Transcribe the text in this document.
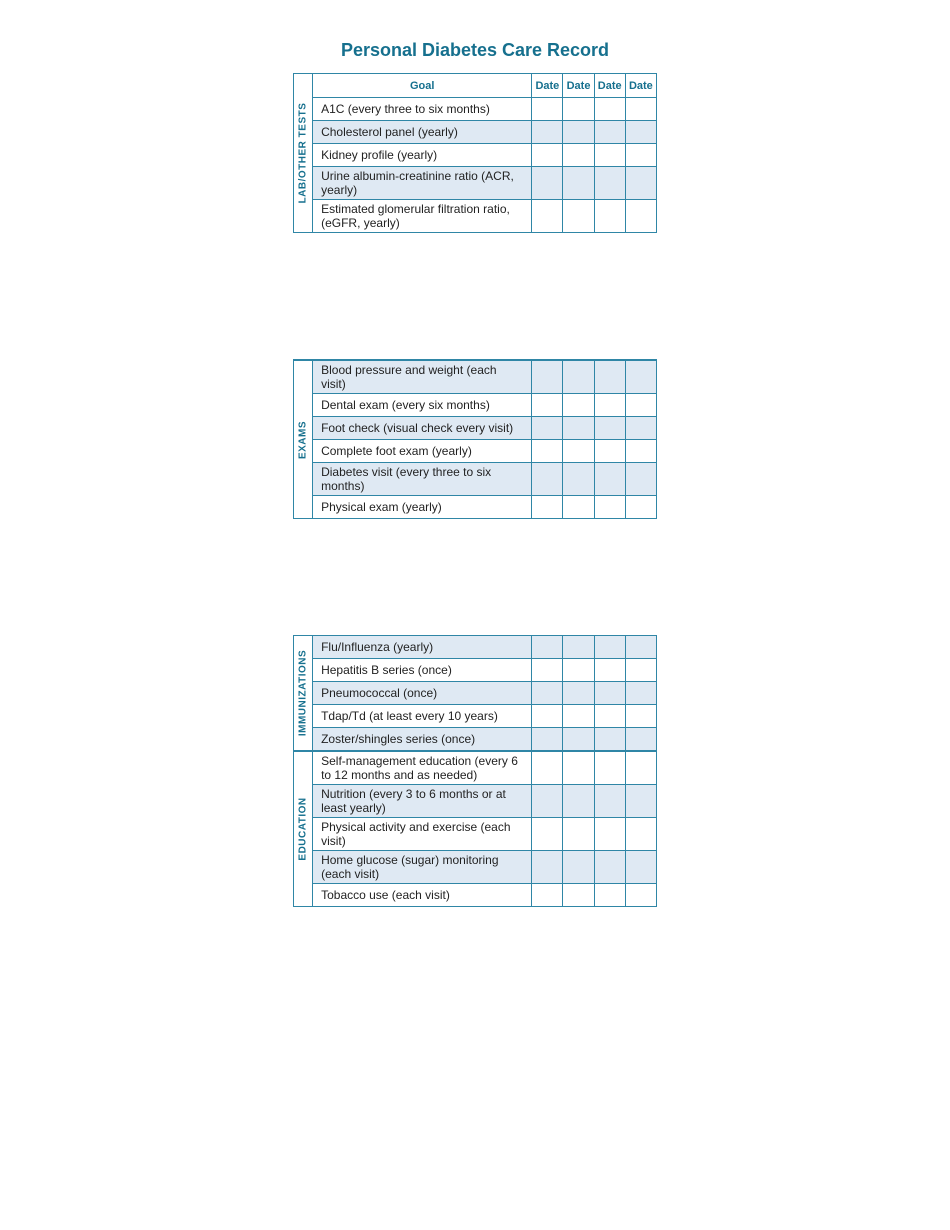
Personal Diabetes Care Record
LAB/OTHER TESTS	Goal	Date	Date	Date	Date
	A1C (every three to six months)				
	Cholesterol panel (yearly)				
	Kidney profile (yearly)				
	Urine albumin-creatinine ratio (ACR, yearly)				
	Estimated glomerular filtration ratio, (eGFR, yearly)				
EXAMS	Blood pressure and weight (each visit)				
	Dental exam (every six months)				
	Foot check (visual check every visit)				
	Complete foot exam (yearly)				
	Diabetes visit (every three to six months)				
	Physical exam (yearly)				
IMMUNIZATIONS	Flu/Influenza (yearly)				
	Hepatitis B series (once)				
	Pneumococcal (once)				
	Tdap/Td (at least every 10 years)				
	Zoster/shingles series (once)				

EDUCATION	Self-management education (every 6 to 12 months and as needed)				
	Nutrition (every 3 to 6 months or at least yearly)				
	Physical activity and exercise (each visit)				
	Home glucose (sugar) monitoring (each visit)				
	Tobacco use (each visit)				
